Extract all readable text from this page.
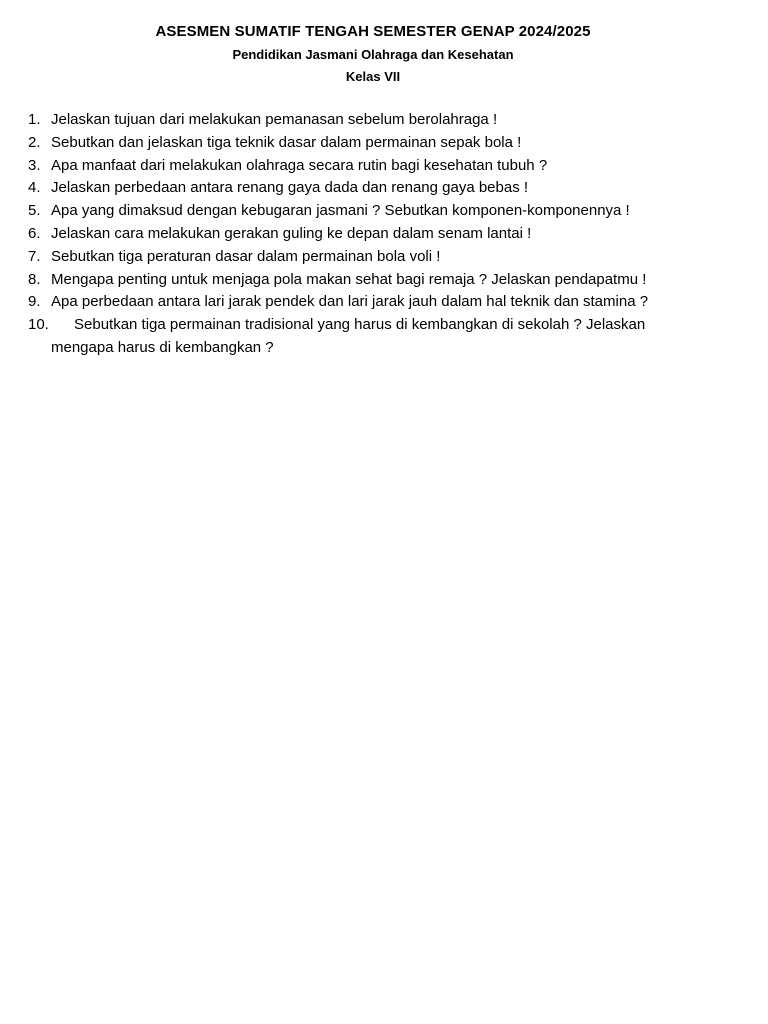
ASESMEN SUMATIF TENGAH SEMESTER GENAP 2024/2025
Pendidikan Jasmani Olahraga dan Kesehatan
Kelas VII
1. Jelaskan tujuan dari melakukan pemanasan sebelum berolahraga !
2. Sebutkan dan jelaskan tiga teknik dasar dalam permainan sepak bola !
3. Apa manfaat dari melakukan olahraga secara rutin bagi kesehatan tubuh ?
4. Jelaskan perbedaan antara renang gaya dada dan renang gaya bebas !
5. Apa yang dimaksud dengan kebugaran jasmani ? Sebutkan komponen-komponennya !
6. Jelaskan cara melakukan gerakan guling ke depan dalam senam lantai !
7. Sebutkan tiga peraturan dasar dalam permainan bola voli !
8. Mengapa penting untuk menjaga pola makan sehat bagi remaja ? Jelaskan pendapatmu !
9. Apa perbedaan antara lari jarak pendek dan lari jarak jauh dalam hal teknik dan stamina ?
10.	Sebutkan tiga permainan tradisional yang harus di kembangkan di sekolah ? Jelaskan mengapa harus di kembangkan ?
